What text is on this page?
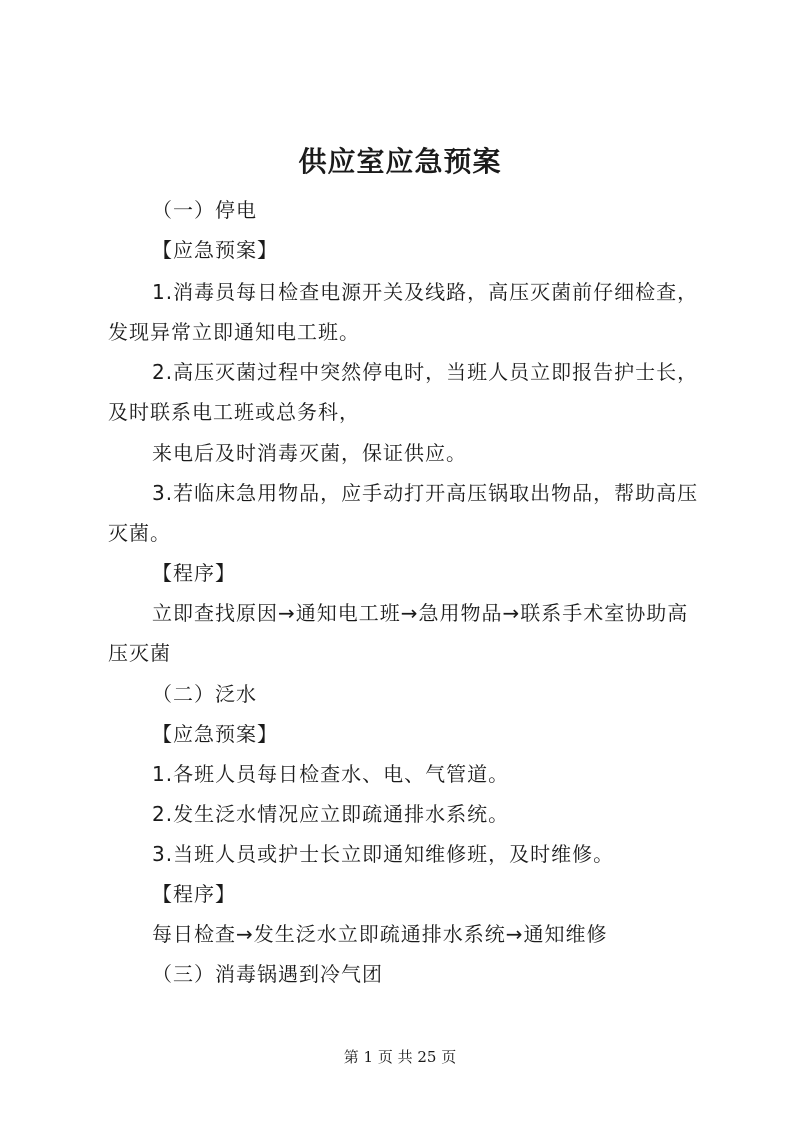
供应室应急预案
（一）停电
【应急预案】
1.消毒员每日检查电源开关及线路，高压灭菌前仔细检查，
发现异常立即通知电工班。
2.高压灭菌过程中突然停电时，当班人员立即报告护士长，
及时联系电工班或总务科，
来电后及时消毒灭菌，保证供应。
3.若临床急用物品，应手动打开高压锅取出物品，帮助高压
灭菌。
【程序】
立即查找原因→通知电工班→急用物品→联系手术室协助高
压灭菌
（二）泛水
【应急预案】
1.各班人员每日检查水、电、气管道。
2.发生泛水情况应立即疏通排水系统。
3.当班人员或护士长立即通知维修班，及时维修。
【程序】
每日检查→发生泛水立即疏通排水系统→通知维修
（三）消毒锅遇到冷气团
第 1 页 共 25 页
